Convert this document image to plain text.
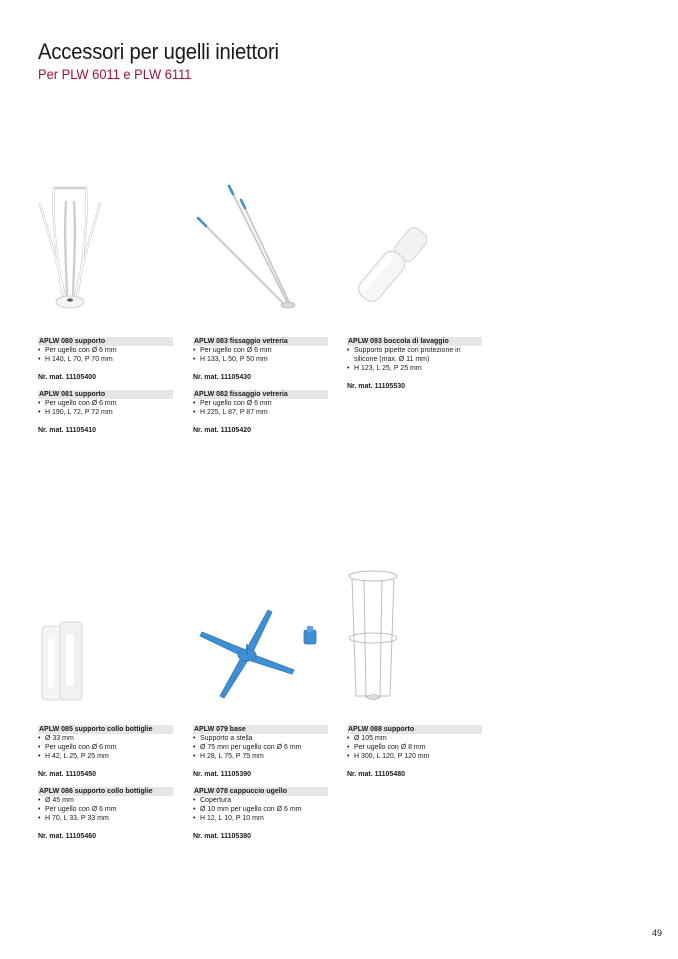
Accessori per ugelli iniettori
Per PLW 6011 e PLW 6111
APLW 080 supporto
• Per ugello con Ø 6 mm
• H 140, L 70, P 70 mm
Nr. mat. 11105400
APLW 081 supporto
• Per ugello con Ø 6 mm
• H 190, L 72, P 72 mm
Nr. mat. 11105410
APLW 083 fissaggio vetreria
• Per ugello con Ø 6 mm
• H 133, L 50, P 50 mm
Nr. mat. 11105430
APLW 082 fissaggio vetreria
• Per ugello con Ø 6 mm
• H 225, L 87, P 87 mm
Nr. mat. 11105420
APLW 093 boccola di lavaggio
• Supporto pipette con protezione in silicone (max. Ø 11 mm)
• H 123, L 25, P 25 mm
Nr. mat. 11105530
APLW 085 supporto collo bottiglie
• Ø 33 mm
• Per ugello con Ø 6 mm
• H 42, L 25, P 25 mm
Nr. mat. 11105450
APLW 086 supporto collo bottiglie
• Ø 45 mm
• Per ugello con Ø 6 mm
• H 70, L 33, P 33 mm
Nr. mat. 11105460
APLW 079 base
• Supporto a stella
• Ø 75 mm per ugello con Ø 6 mm
• H 28, L 75, P 75 mm
Nr. mat. 11105390
APLW 078 cappuccio ugello
• Copertura
• Ø 10 mm per ugello con Ø 6 mm
• H 12, L 10, P 10 mm
Nr. mat. 11105380
APLW 088 supporto
• Ø 105 mm
• Per ugello con Ø 8 mm
• H 300, L 120, P 120 mm
Nr. mat. 11105480
49
